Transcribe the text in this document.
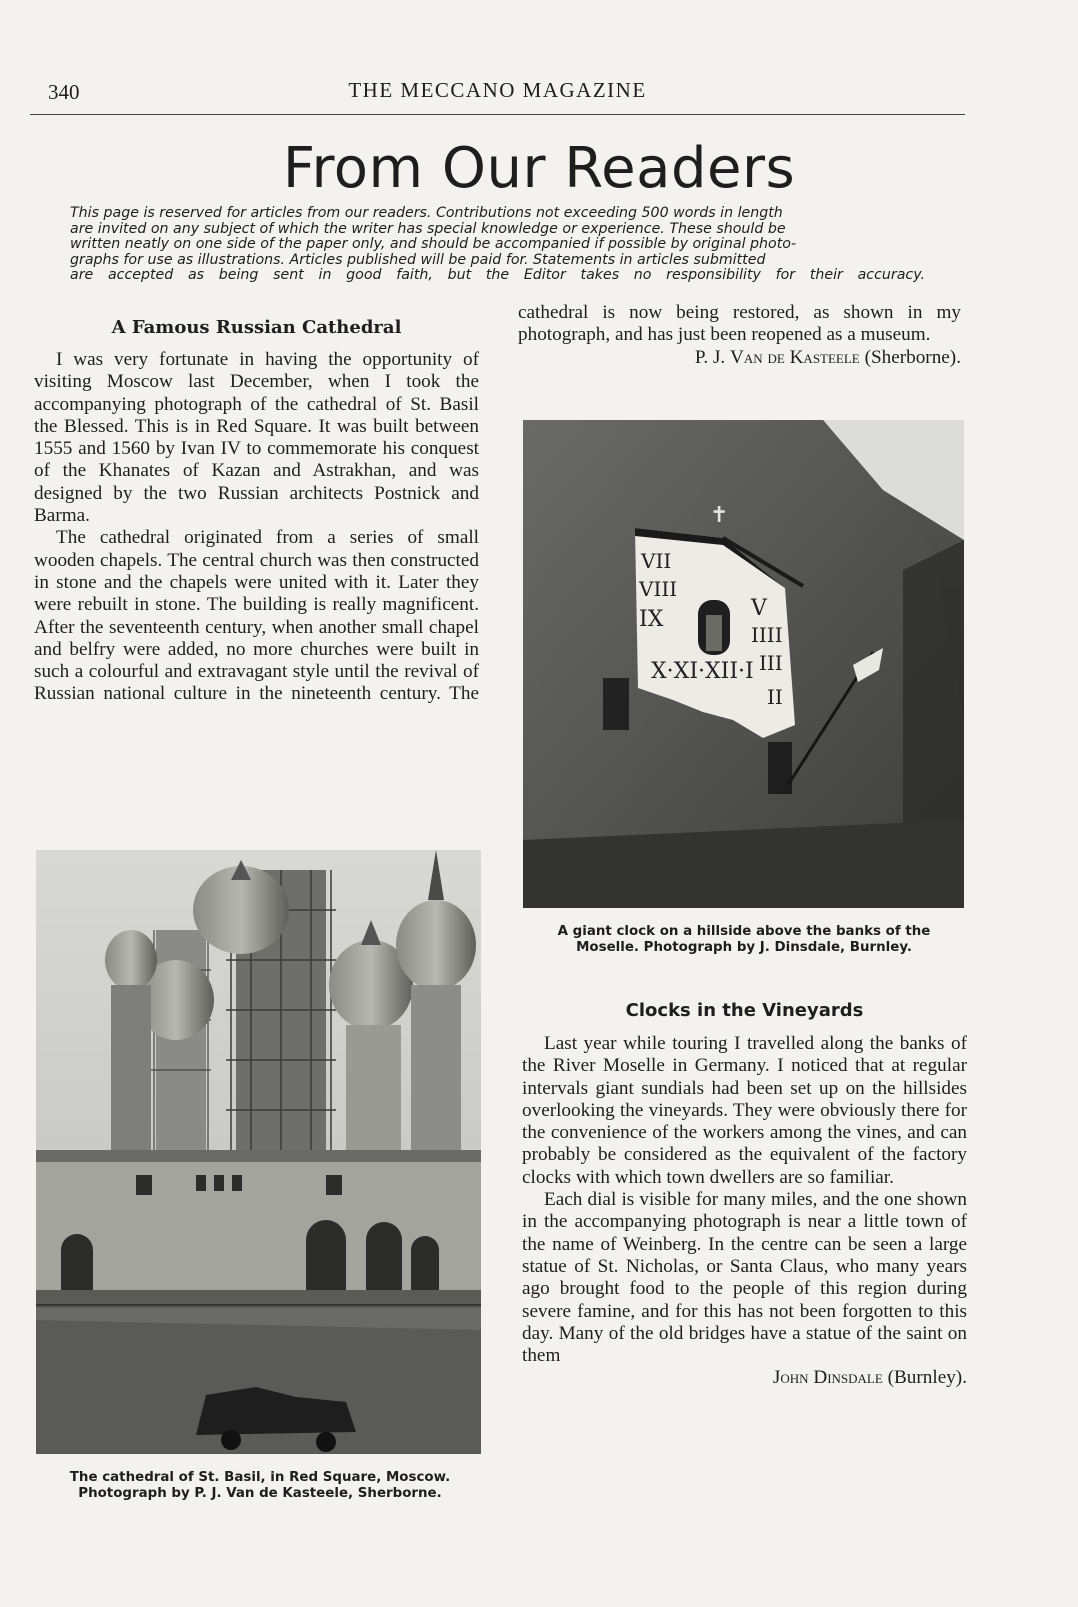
340	THE MECCANO MAGAZINE
From Our Readers
This page is reserved for articles from our readers. Contributions not exceeding 500 words in length
are invited on any subject of which the writer has special knowledge or experience. These should be
written neatly on one side of the paper only, and should be accompanied if possible by original photo-
graphs for use as illustrations. Articles published will be paid for. Statements in articles submitted
are accepted as being sent in good faith, but the Editor takes no responsibility for their accuracy.
A Famous Russian Cathedral

I was very fortunate in having the opportunity of visiting Moscow last December, when I took the accompanying photograph of the cathedral of St. Basil the Blessed. This is in Red Square. It was built between 1555 and 1560 by Ivan IV to commemorate his conquest of the Khanates of Kazan and Astrakhan, and was designed by the two Russian architects Postnick and Barma.

The cathedral originated from a series of small wooden chapels. The central church was then constructed in stone and the chapels were united with it. Later they were rebuilt in stone. The building is really magnificent. After the seventeenth century, when another small chapel and belfry were added, no more churches were built in such a colourful and extravagant style until the revival of Russian national culture in the nineteenth century. The

cathedral is now being restored, as shown in my photograph, and has just been reopened as a museum.

P. J. Van de Kasteele (Sherborne).

✝
VII
VIII
IX
X·XI·XII·I
V
IIII
III
II
A giant clock on a hillside above the banks of the
Moselle. Photograph by J. Dinsdale, Burnley.
Clocks in the Vineyards

Last year while touring I travelled along the banks of the River Moselle in Germany. I noticed that at regular intervals giant sundials had been set up on the hillsides overlooking the vineyards. They were obviously there for the convenience of the workers among the vines, and can probably be considered as the equivalent of the factory clocks with which town dwellers are so familiar.

Each dial is visible for many miles, and the one shown in the accompanying photograph is near a little town of the name of Weinberg. In the centre can be seen a large statue of St. Nicholas, or Santa Claus, who many years ago brought food to the people of this region during severe famine, and for this has not been forgotten to this day. Many of the old bridges have a statue of the saint on them

John Dinsdale (Burnley).

The cathedral of St. Basil, in Red Square, Moscow.
Photograph by P. J. Van de Kasteele, Sherborne.
